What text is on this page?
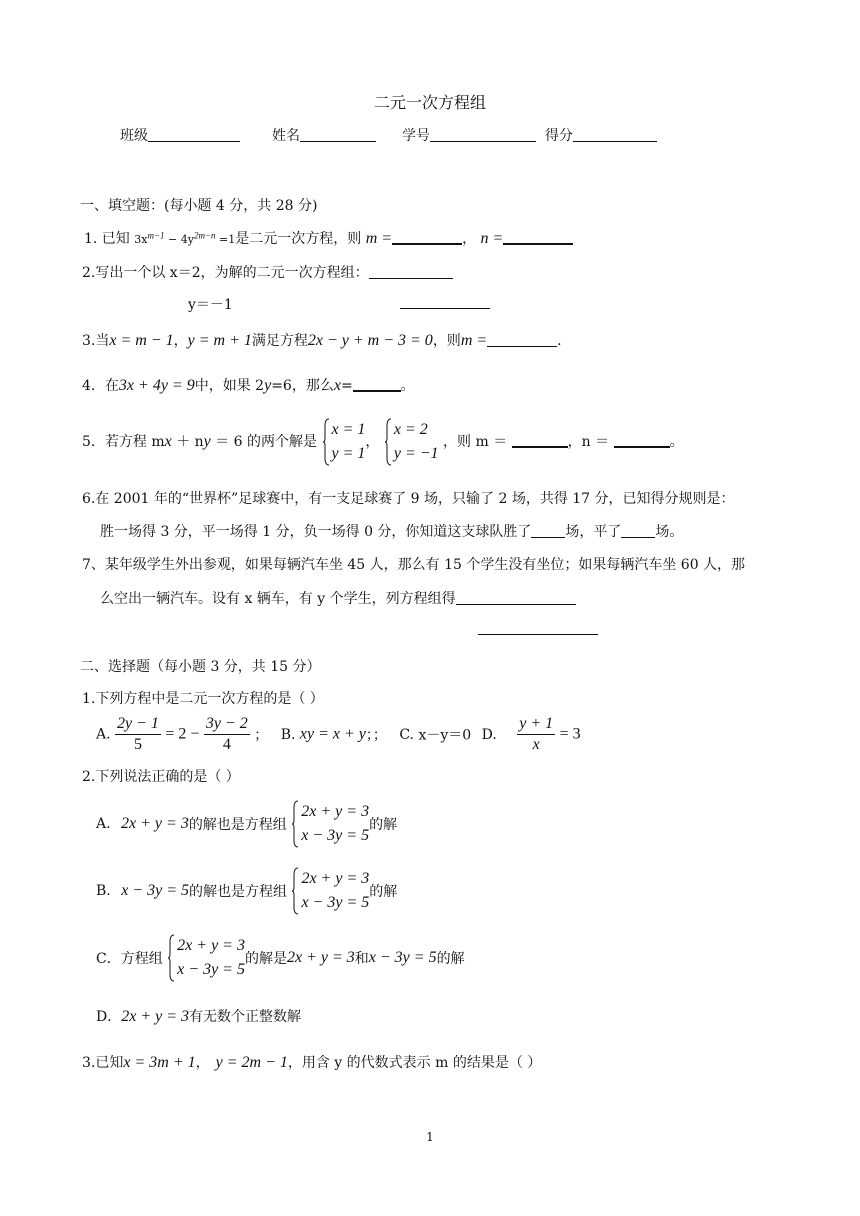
二元一次方程组
班级	姓名	学号	得分
一、填空题：(每小题 4 分，共 28 分)
1. 已知 $3x^{m-1} - 4y^{2m-n} =1$是二元一次方程，则 m =	， n =
2.写出一个以 x＝2，为解的二元一次方程组：
y＝－1
3.当x = m − 1，y = m + 1满足方程2x − y + m − 3 = 0，则m =	.
4．在3x + 4y = 9中，如果 2y=6，那么x=	。
5．若方程 mx ＋ ny ＝ 6 的两个解是
x = 1
y = 1
，
x = 2
y = −1
，则 m ＝	，n ＝	。
6.在 2001 年的“世界杯”足球赛中，有一支足球赛了 9 场，只输了 2 场，共得 17 分，已知得分规则是：
胜一场得 3 分，平一场得 1 分，负一场得 0 分，你知道这支球队胜了 场，平了 场。
7、某年级学生外出参观，如果每辆汽车坐 45 人，那么有 15 个学生没有坐位；如果每辆汽车坐 60 人，那
么空出一辆汽车。设有 x 辆车，有 y 个学生，列方程组得
二、选择题（每小题 3 分，共 15 分）
1.下列方程中是二元一次方程的是（ ）
A. $\frac{2y - 1}{5} = 2 - \frac{3y - 2}{4}$ ； B. xy = x + y；； C. x－y＝0 D. $\frac{y + 1}{x} = 3$
2.下列说法正确的是（ ）
A. 2x + y = 3的解也是方程组
2x + y = 3
x − 3y = 5
的解
B. x − 3y = 5的解也是方程组
2x + y = 3
x − 3y = 5
的解
C．方程组
2x + y = 3
x − 3y = 5
的解是2x + y = 3和x − 3y = 5的解
D．2x + y = 3有无数个正整数解
3.已知x = 3m + 1， y = 2m − 1，用含 y 的代数式表示 m 的结果是（ ）
1
